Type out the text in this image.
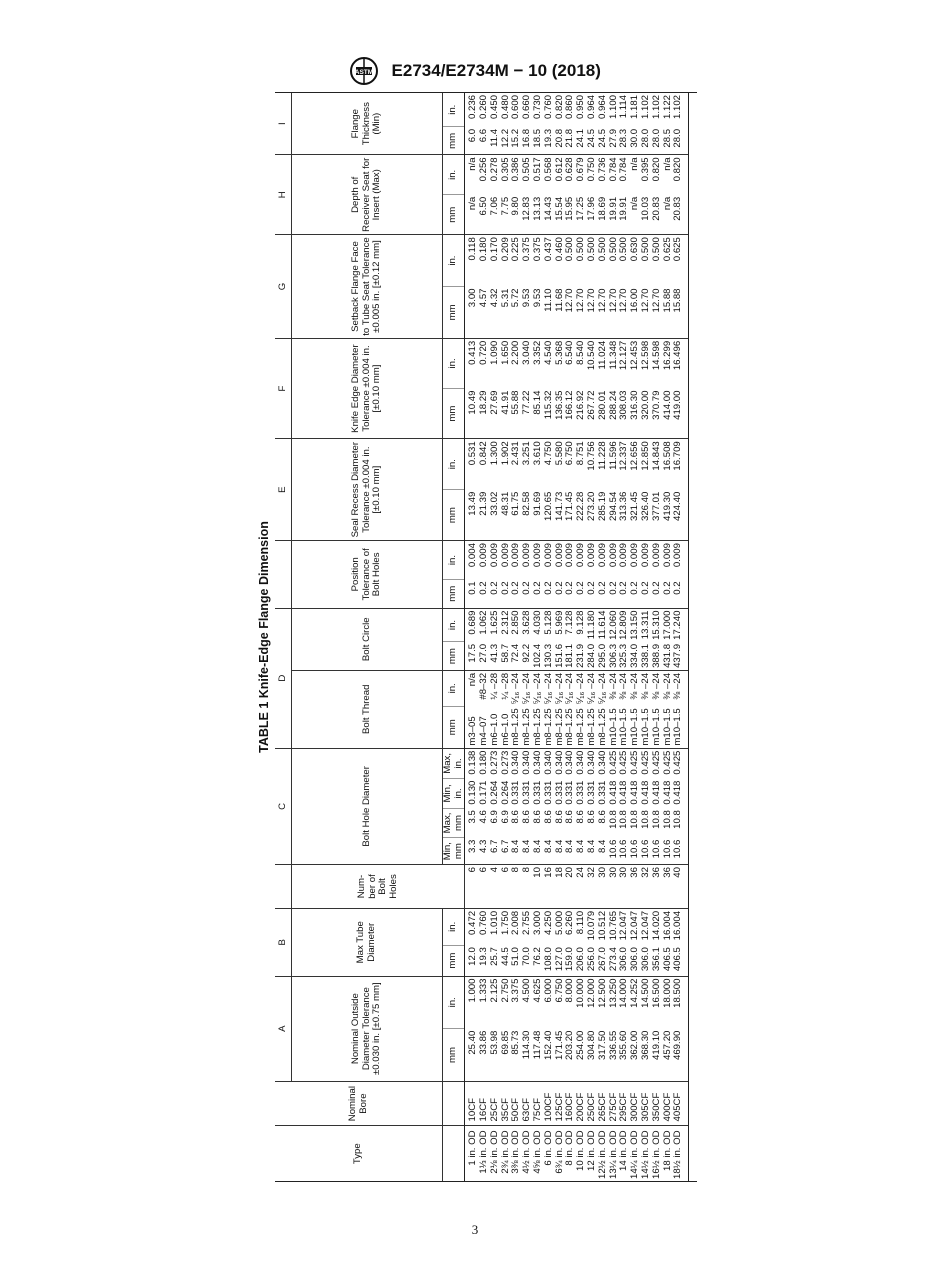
ASTM E2734/E2734M − 10 (2018)
TABLE 1 Knife-Edge Flange Dimension
Type	Nominal Bore	A		B			C				D						E		F		G		H		I	
		Nominal Outside Diameter Tolerance ±0.030 in. [±0.75 mm]		Max Tube Diameter		Num- ber of Bolt Holes	Bolt Hole Diameter				Bolt Thread		Bolt Circle		Position Tolerance of Bolt Holes		Seal Recess Diameter Tolerance ±0.004 in. [±0.10 mm]		Knife Edge Diameter Tolerance ±0.004 in. [±0.10 mm]		Setback Flange Face to Tube Seat Tolerance ±0.005 in. [±0.12 mm]		Depth of Receiver Seat for Insert (Max)		Flange Thickness (Min)	
		mm	in.	mm	in.		Min, mm	Max, mm	Min, in.	Max, in.	mm	in.	mm	in.	mm	in.	mm	in.	mm	in.	mm	in.	mm	in.	mm	in.
1 in. OD	10CF	25.40	1.000	12.0	0.472	6	3.3	3.5	0.130	0.138	m3–05	n/a	17.5	0.689	0.1	0.004	13.49	0.531	10.49	0.413	3.00	0.118	n/a	n/a	6.0	0.236
1⅓ in. OD	16CF	33.86	1.333	19.3	0.760	6	4.3	4.6	0.171	0.180	m4–07	#8–32	27.0	1.062	0.2	0.009	21.39	0.842	18.29	0.720	4.57	0.180	6.50	0.256	6.6	0.260
2⅛ in. OD	25CF	53.98	2.125	25.7	1.010	4	6.7	6.9	0.264	0.273	m6–1.0	¼ –28	41.3	1.625	0.2	0.009	33.02	1.300	27.69	1.090	4.32	0.170	7.06	0.278	11.4	0.450
2¾ in. OD	35CF	69.85	2.750	44.5	1.750	6	6.7	6.9	0.264	0.273	m6–1.0	¼ –28	58.7	2.312	0.2	0.009	48.31	1.902	41.91	1.650	5.31	0.209	7.75	0.305	12.2	0.480
3⅜ in. OD	50CF	85.73	3.375	51.0	2.008	8	8.4	8.6	0.331	0.340	m8–1.25	⁵⁄₁₆ –24	72.4	2.850	0.2	0.009	61.75	2.431	55.88	2.200	5.72	0.225	9.80	0.386	15.2	0.600
4½ in. OD	63CF	114.30	4.500	70.0	2.755	8	8.4	8.6	0.331	0.340	m8–1.25	⁵⁄₁₆ –24	92.2	3.628	0.2	0.009	82.58	3.251	77.22	3.040	9.53	0.375	12.83	0.505	16.8	0.660
4⅝ in. OD	75CF	117.48	4.625	76.2	3.000	10	8.4	8.6	0.331	0.340	m8–1.25	⁵⁄₁₆ –24	102.4	4.030	0.2	0.009	91.69	3.610	85.14	3.352	9.53	0.375	13.13	0.517	18.5	0.730
6 in. OD	100CF	152.40	6.000	108.0	4.250	16	8.4	8.6	0.331	0.340	m8–1.25	⁵⁄₁₆ –24	130.3	5.128	0.2	0.009	120.65	4.750	115.32	4.540	11.10	0.437	14.43	0.568	19.3	0.760
6¾ in. OD	125CF	171.45	6.750	127.0	5.000	18	8.4	8.6	0.331	0.340	m8–1.25	⁵⁄₁₆ –24	151.6	5.969	0.2	0.009	141.73	5.580	136.35	5.368	11.68	0.460	15.54	0.612	20.8	0.820
8 in. OD	160CF	203.20	8.000	159.0	6.260	20	8.4	8.6	0.331	0.340	m8–1.25	⁵⁄₁₆ –24	181.1	7.128	0.2	0.009	171.45	6.750	166.12	6.540	12.70	0.500	15.95	0.628	21.8	0.860
10 in. OD	200CF	254.00	10.000	206.0	8.110	24	8.4	8.6	0.331	0.340	m8–1.25	⁵⁄₁₆ –24	231.9	9.128	0.2	0.009	222.28	8.751	216.92	8.540	12.70	0.500	17.25	0.679	24.1	0.950
12 in. OD	250CF	304.80	12.000	256.0	10.079	32	8.4	8.6	0.331	0.340	m8–1.25	⁵⁄₁₆ –24	284.0	11.180	0.2	0.009	273.20	10.756	267.72	10.540	12.70	0.500	17.96	0.750	24.5	0.964
12½ in. OD	265CF	317.50	12.500	267.0	10.512	30	8.4	8.6	0.331	0.340	m8–1.25	⁵⁄₁₆ –24	295.0	11.614	0.2	0.009	285.19	11.228	280.01	11.024	12.70	0.500	18.69	0.736	24.5	0.964
13¼ in. OD	275CF	336.55	13.250	273.4	10.765	30	10.6	10.8	0.418	0.425	m10–1.5	⅜ –24	306.3	12.060	0.2	0.009	294.54	11.596	288.24	11.348	12.70	0.500	19.91	0.784	27.9	1.100
14 in. OD	295CF	355.60	14.000	306.0	12.047	30	10.6	10.8	0.418	0.425	m10–1.5	⅜ –24	325.3	12.809	0.2	0.009	313.36	12.337	308.03	12.127	12.70	0.500	19.91	0.784	28.3	1.114
14¼ in. OD	300CF	362.00	14.252	306.0	12.047	36	10.6	10.8	0.418	0.425	m10–1.5	⅜ –24	334.0	13.150	0.2	0.009	321.45	12.656	316.30	12.453	16.00	0.630	n/a	n/a	30.0	1.181
14½ in. OD	305CF	368.30	14.500	306.0	12.047	32	10.6	10.8	0.418	0.425	m10–1.5	⅜ –24	338.1	13.311	0.2	0.009	326.40	12.850	320.00	12.598	12.70	0.500	10.03	0.395	28.0	1.102
16½ in. OD	350CF	419.10	16.500	356.1	14.020	36	10.6	10.8	0.418	0.425	m10–1.5	⅜ –24	388.9	15.310	0.2	0.009	377.01	14.843	370.79	14.598	12.70	0.500	20.83	0.820	28.0	1.102
18 in. OD	400CF	457.20	18.000	406.5	16.004	36	10.6	10.8	0.418	0.425	m10–1.5	⅜ –24	431.8	17.000	0.2	0.009	419.30	16.508	414.00	16.299	15.88	0.625	n/a	n/a	28.5	1.122
18½ in. OD	405CF	469.90	18.500	406.5	16.004	40	10.6	10.8	0.418	0.425	m10–1.5	⅜ –24	437.9	17.240	0.2	0.009	424.40	16.709	419.00	16.496	15.88	0.625	20.83	0.820	28.0	1.102
3
